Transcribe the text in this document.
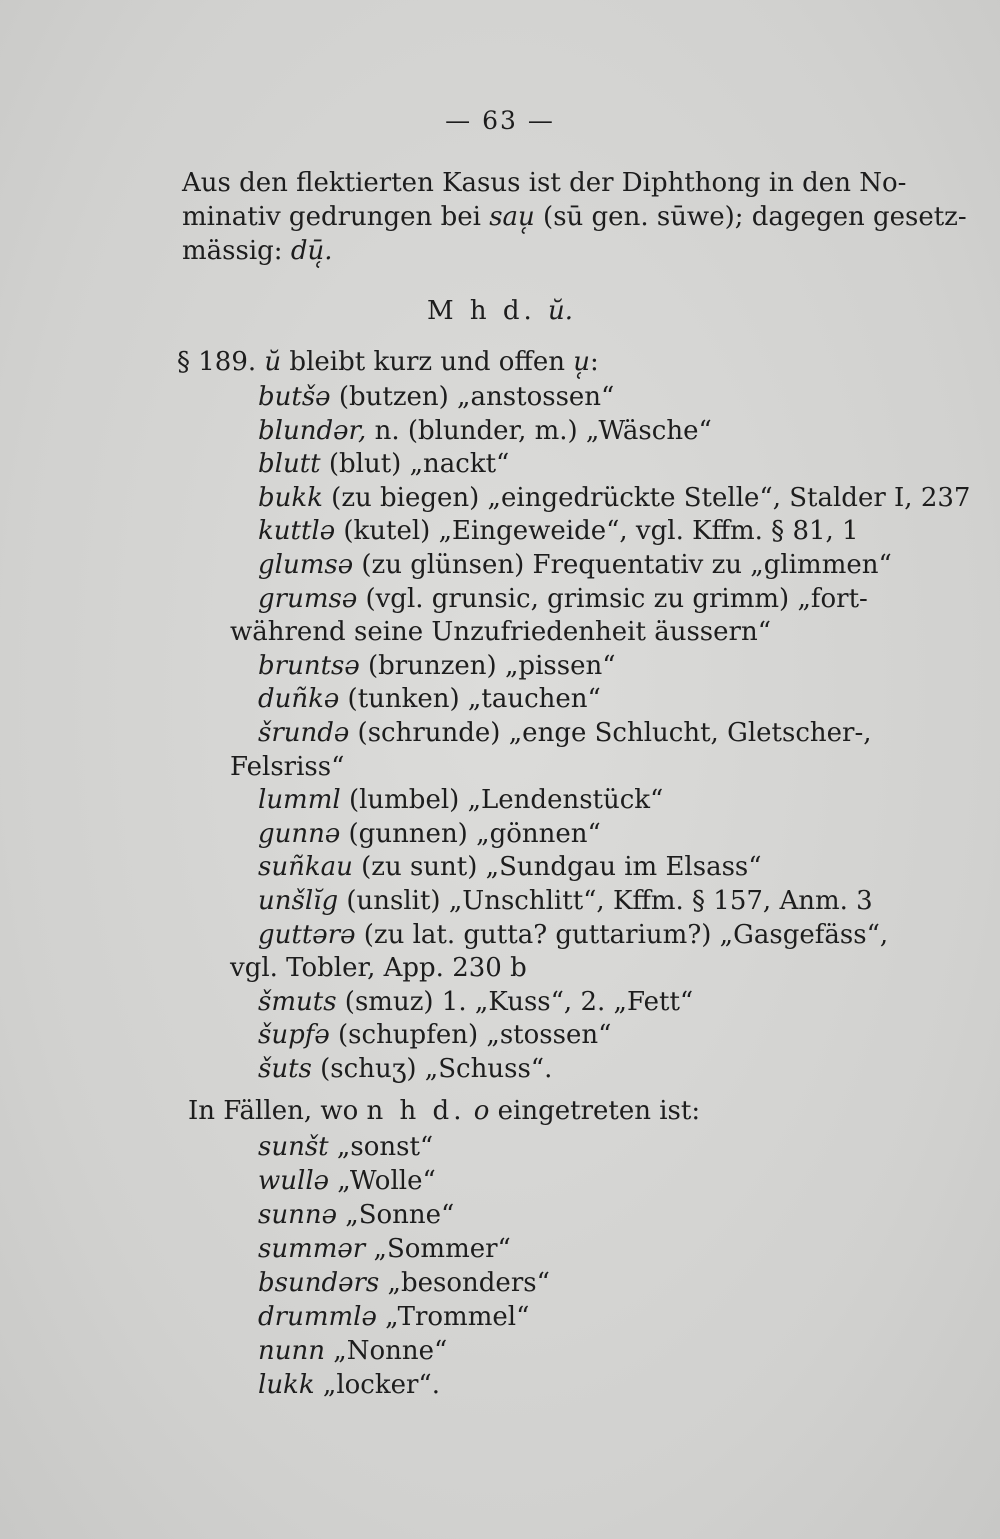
— 63 —
Aus den flektierten Kasus ist der Diphthong in den No-
minativ gedrungen bei sau̜ (sū gen. sūwe); dagegen gesetz-
mässig: dū̜.
M h d. ŭ.
§ 189. ŭ bleibt kurz und offen u̜:
butšə (butzen) „anstossen“
blundər, n. (blunder, m.) „Wäsche“
blutt (blut) „nackt“
bukk (zu biegen) „eingedrückte Stelle“, Stalder I, 237
kuttlə (kutel) „Eingeweide“, vgl. Kffm. § 81, 1
glumsə (zu glünsen) Frequentativ zu „glimmen“
grumsə (vgl. grunsic, grimsic zu grimm) „fort-
während seine Unzufriedenheit äussern“
bruntsə (brunzen) „pissen“
duñkə (tunken) „tauchen“
šrundə (schrunde) „enge Schlucht, Gletscher-,
Felsriss“
lumml (lumbel) „Lendenstück“
gunnə (gunnen) „gönnen“
suñkau (zu sunt) „Sundgau im Elsass“
unšlĭg (unslit) „Unschlitt“, Kffm. § 157, Anm. 3
guttərə (zu lat. gutta? guttarium?) „Gasgefäss“,
vgl. Tobler, App. 230 b
šmuts (smuz) 1. „Kuss“, 2. „Fett“
šupfə (schupfen) „stossen“
šuts (schuʒ) „Schuss“.
In Fällen, wo n h d. o eingetreten ist:
sunšt „sonst“
wullə „Wolle“
sunnə „Sonne“
summər „Sommer“
bsundərs „besonders“
drummlə „Trommel“
nunn „Nonne“
lukk „locker“.
